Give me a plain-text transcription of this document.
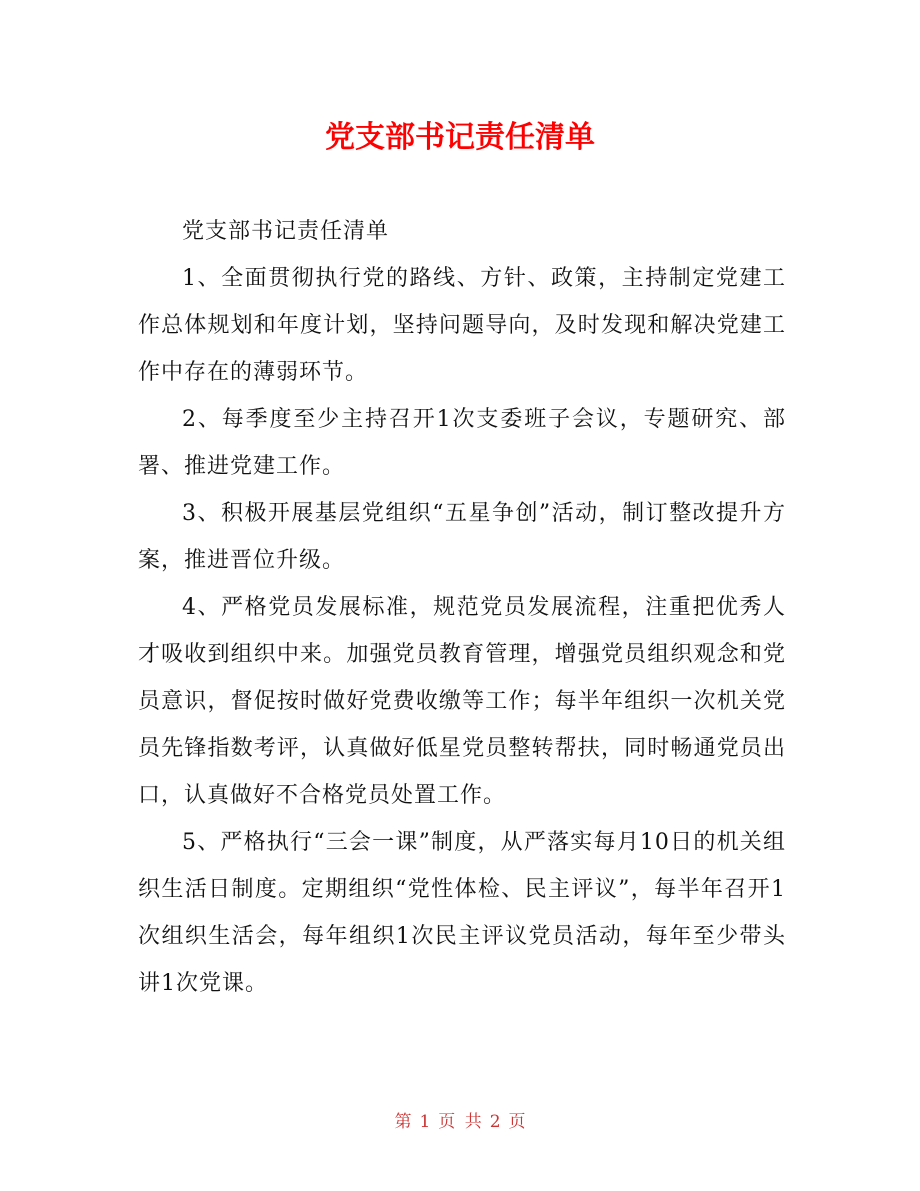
党支部书记责任清单

党支部书记责任清单

1、全面贯彻执行党的路线、方针、政策，主持制定党建工作总体规划和年度计划，坚持问题导向，及时发现和解决党建工作中存在的薄弱环节。

2、每季度至少主持召开1次支委班子会议，专题研究、部署、推进党建工作。

3、积极开展基层党组织“五星争创”活动，制订整改提升方案，推进晋位升级。

4、严格党员发展标准，规范党员发展流程，注重把优秀人才吸收到组织中来。加强党员教育管理，增强党员组织观念和党员意识，督促按时做好党费收缴等工作；每半年组织一次机关党员先锋指数考评，认真做好低星党员整转帮扶，同时畅通党员出口，认真做好不合格党员处置工作。

5、严格执行“三会一课”制度，从严落实每月10日的机关组织生活日制度。定期组织“党性体检、民主评议”，每半年召开1次组织生活会，每年组织1次民主评议党员活动，每年至少带头讲1次党课。

第 1 页 共 2 页
